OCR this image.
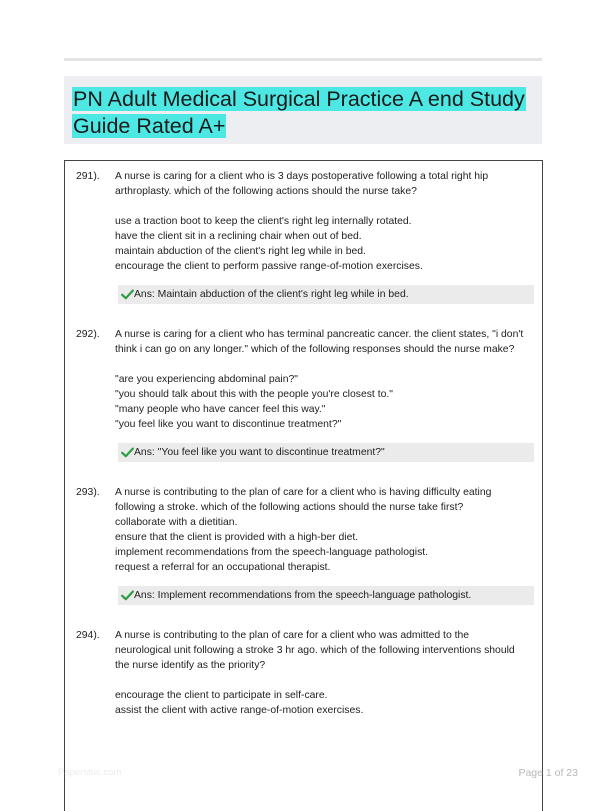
PN Adult Medical Surgical Practice A end Study Guide Rated A+
291). A nurse is caring for a client who is 3 days postoperative following a total right hip

arthroplasty. which of the following actions should the nurse take?

use a traction boot to keep the client's right leg internally rotated.
have the client sit in a reclining chair when out of bed.
maintain abduction of the client's right leg while in bed.
encourage the client to perform passive range-of-motion exercises.
Ans: Maintain abduction of the client's right leg while in bed.
292). A nurse is caring for a client who has terminal pancreatic cancer. the client states, "i don't

think i can go on any longer." which of the following responses should the nurse make?

"are you experiencing abdominal pain?"
"you should talk about this with the people you're closest to."
"many people who have cancer feel this way."
"you feel like you want to discontinue treatment?"
Ans: "You feel like you want to discontinue treatment?"
293). A nurse is contributing to the plan of care for a client who is having difficulty eating

following a stroke. which of the following actions should the nurse take first?

collaborate with a dietitian.
ensure that the client is provided with a high-ber diet.
implement recommendations from the speech-language pathologist.
request a referral for an occupational therapist.
Ans: Implement recommendations from the speech-language pathologist.
294). A nurse is contributing to the plan of care for a client who was admitted to the

neurological unit following a stroke 3 hr ago. which of the following interventions should

the nurse identify as the priority?

encourage the client to participate in self-care.
assist the client with active range-of-motion exercises.
Paperstuc.com	Page 1 of 23
